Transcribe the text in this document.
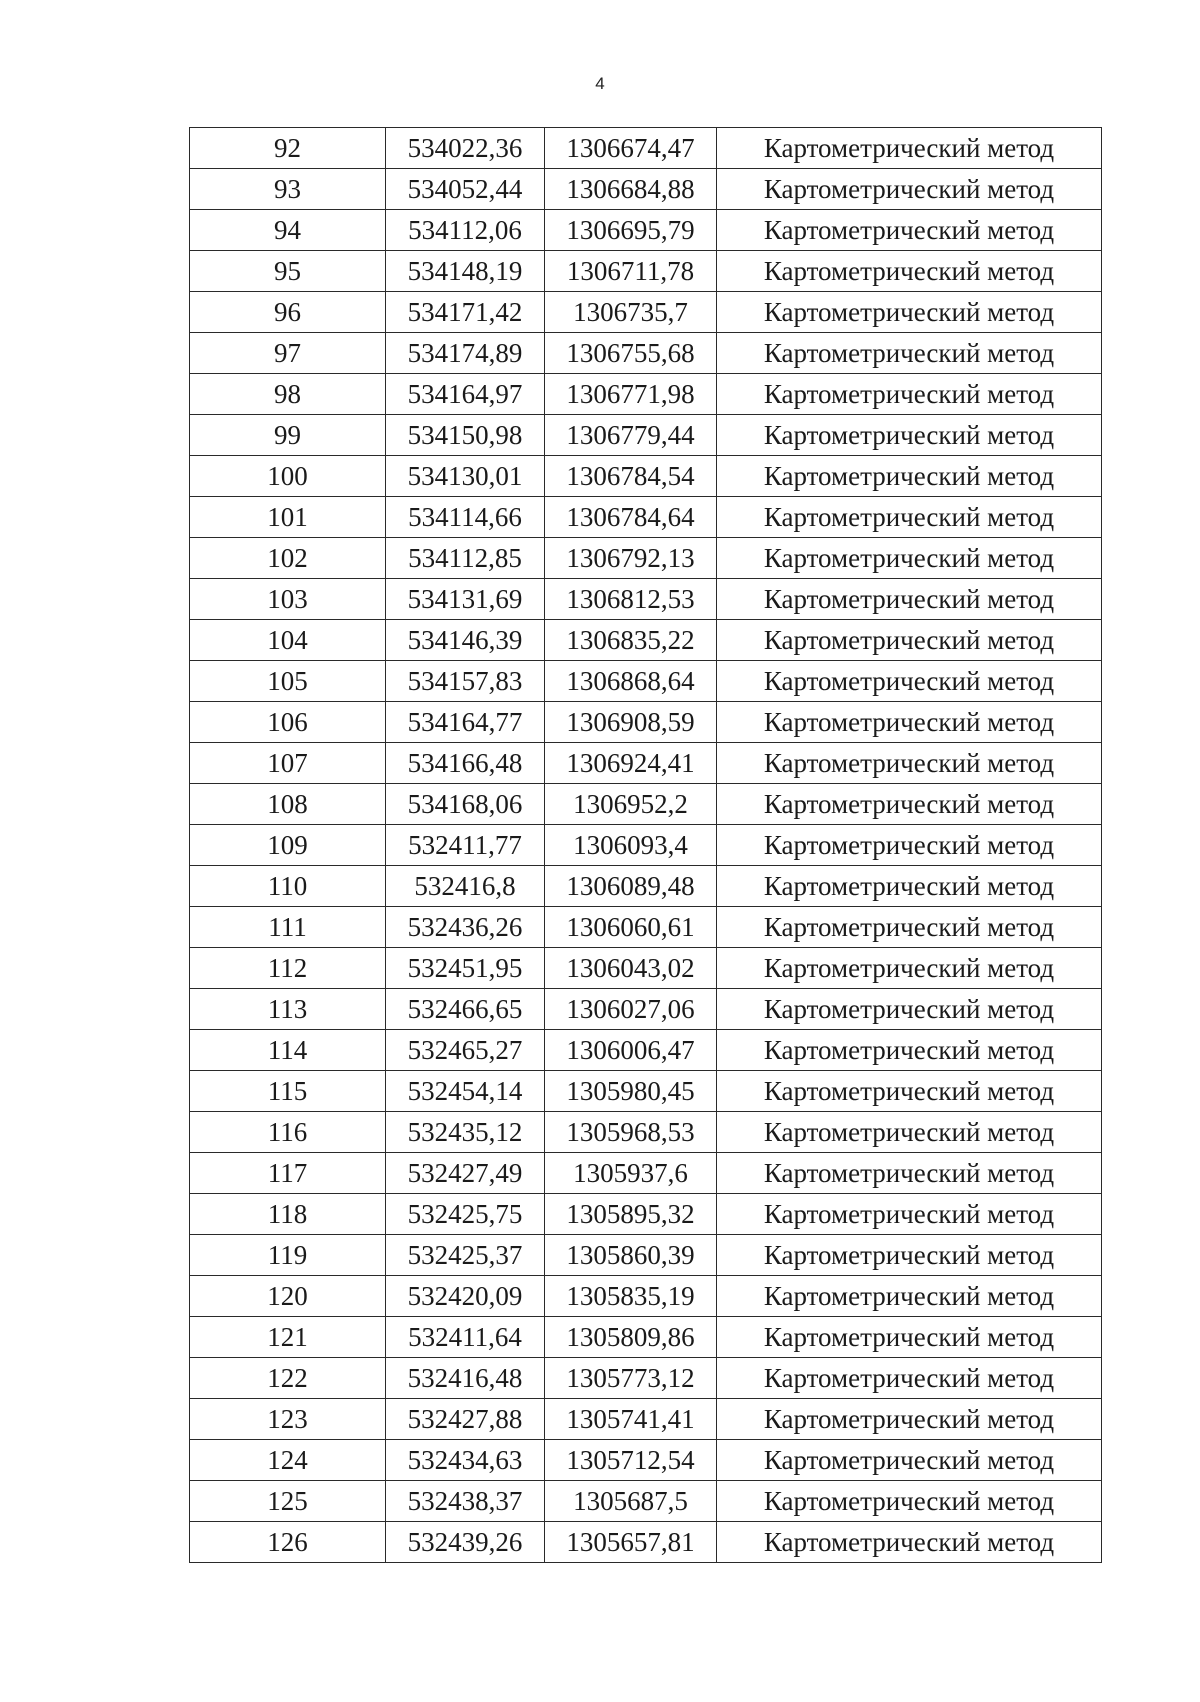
4
92	534022,36	1306674,47	Картометрический метод
93	534052,44	1306684,88	Картометрический метод
94	534112,06	1306695,79	Картометрический метод
95	534148,19	1306711,78	Картометрический метод
96	534171,42	1306735,7	Картометрический метод
97	534174,89	1306755,68	Картометрический метод
98	534164,97	1306771,98	Картометрический метод
99	534150,98	1306779,44	Картометрический метод
100	534130,01	1306784,54	Картометрический метод
101	534114,66	1306784,64	Картометрический метод
102	534112,85	1306792,13	Картометрический метод
103	534131,69	1306812,53	Картометрический метод
104	534146,39	1306835,22	Картометрический метод
105	534157,83	1306868,64	Картометрический метод
106	534164,77	1306908,59	Картометрический метод
107	534166,48	1306924,41	Картометрический метод
108	534168,06	1306952,2	Картометрический метод
109	532411,77	1306093,4	Картометрический метод
110	532416,8	1306089,48	Картометрический метод
111	532436,26	1306060,61	Картометрический метод
112	532451,95	1306043,02	Картометрический метод
113	532466,65	1306027,06	Картометрический метод
114	532465,27	1306006,47	Картометрический метод
115	532454,14	1305980,45	Картометрический метод
116	532435,12	1305968,53	Картометрический метод
117	532427,49	1305937,6	Картометрический метод
118	532425,75	1305895,32	Картометрический метод
119	532425,37	1305860,39	Картометрический метод
120	532420,09	1305835,19	Картометрический метод
121	532411,64	1305809,86	Картометрический метод
122	532416,48	1305773,12	Картометрический метод
123	532427,88	1305741,41	Картометрический метод
124	532434,63	1305712,54	Картометрический метод
125	532438,37	1305687,5	Картометрический метод
126	532439,26	1305657,81	Картометрический метод
